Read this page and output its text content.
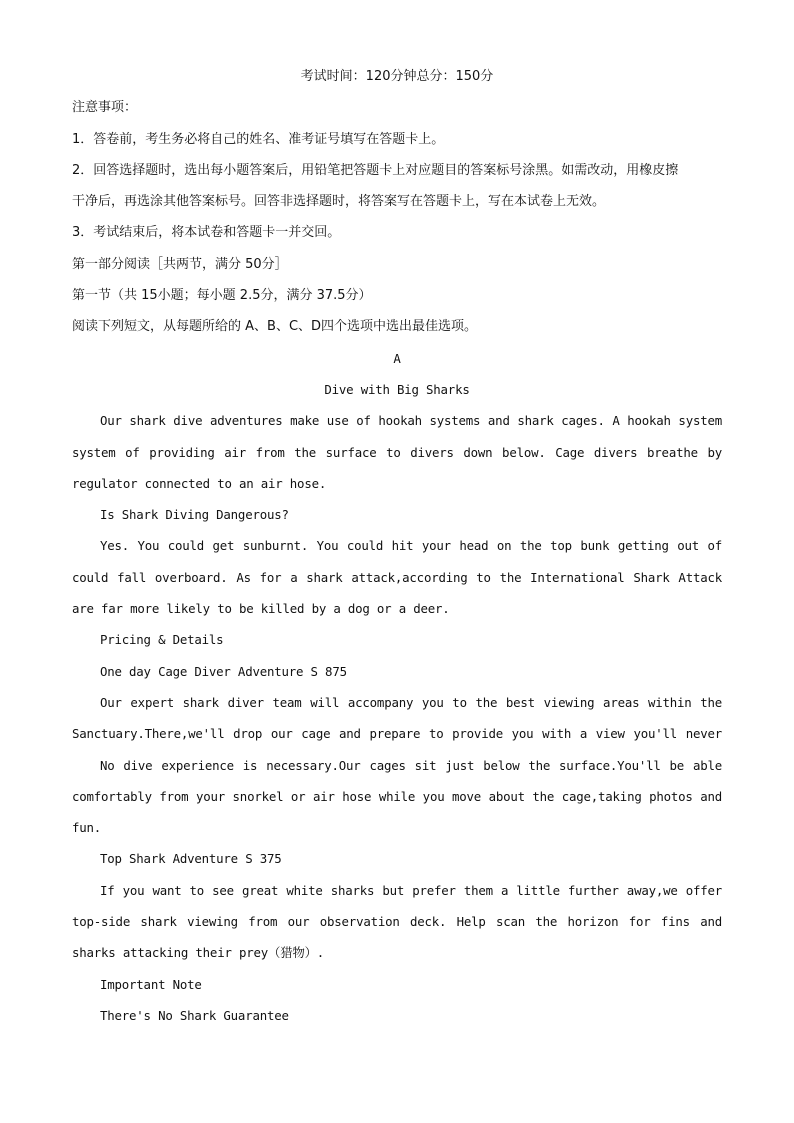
考试时间：120分钟总分：150分
注意事项：
1．答卷前，考生务必将自己的姓名、准考证号填写在答题卡上。
2．回答选择题时，选出每小题答案后，用铅笔把答题卡上对应题目的答案标号涂黑。如需改动，用橡皮擦
干净后，再选涂其他答案标号。回答非选择题时，将答案写在答题卡上，写在本试卷上无效。
3．考试结束后，将本试卷和答题卡一并交回。
第一部分阅读［共两节，满分 50分］
第一节（共 15小题；每小题 2.5分，满分 37.5分）
阅读下列短文，从每题所给的 A、B、C、D四个选项中选出最佳选项。
A
Dive with Big Sharks
Our shark dive adventures make use of hookah systems and shark cages. A hookah system
system of providing air from the surface to divers down below. Cage divers breathe by
regulator connected to an air hose.
Is Shark Diving Dangerous?
Yes. You could get sunburnt. You could hit your head on the top bunk getting out of
could fall overboard. As for a shark attack,according to the International Shark Attack
are far more likely to be killed by a dog or a deer.
Pricing & Details
One day Cage Diver Adventure S 875
Our expert shark diver team will accompany you to the best viewing areas within the
Sanctuary.There,we'll drop our cage and prepare to provide you with a view you'll never
No dive experience is necessary.Our cages sit just below the surface.You'll be able
comfortably from your snorkel or air hose while you move about the cage,taking photos and
fun.
Top Shark Adventure S 375
If you want to see great white sharks but prefer them a little further away,we offer
top-side shark viewing from our observation deck. Help scan the horizon for fins and
sharks attacking their prey（猎物）.
Important Note
There's No Shark Guarantee
